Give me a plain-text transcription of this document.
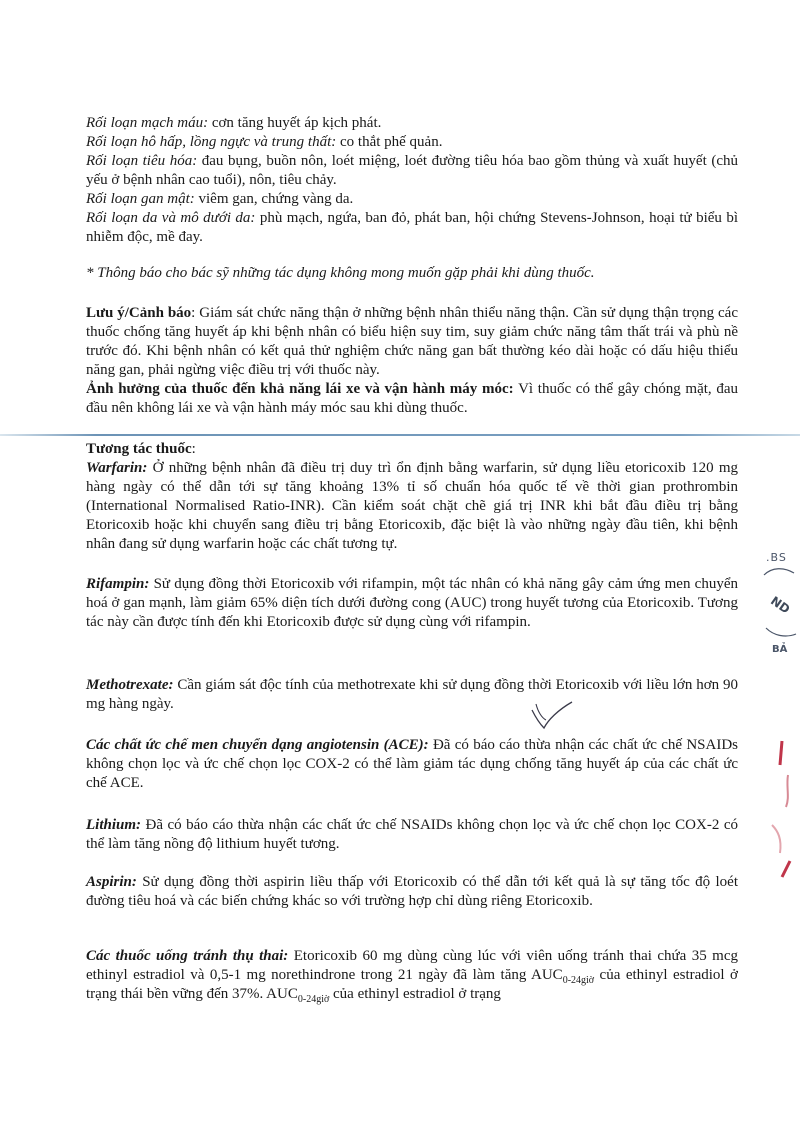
Rối loạn mạch máu: cơn tăng huyết áp kịch phát.

Rối loạn hô hấp, lồng ngực và trung thất: co thắt phế quản.

Rối loạn tiêu hóa: đau bụng, buồn nôn, loét miệng, loét đường tiêu hóa bao gồm thủng và xuất huyết (chủ yếu ở bệnh nhân cao tuổi), nôn, tiêu chảy.

Rối loạn gan mật: viêm gan, chứng vàng da.

Rối loạn da và mô dưới da: phù mạch, ngứa, ban đỏ, phát ban, hội chứng Stevens-Johnson, hoại tử biểu bì nhiễm độc, mề đay.

* Thông báo cho bác sỹ những tác dụng không mong muốn gặp phải khi dùng thuốc.

Lưu ý/Cảnh báo: Giám sát chức năng thận ở những bệnh nhân thiểu năng thận. Cần sử dụng thận trọng các thuốc chống tăng huyết áp khi bệnh nhân có biểu hiện suy tim, suy giảm chức năng tâm thất trái và phù nề trước đó. Khi bệnh nhân có kết quả thử nghiệm chức năng gan bất thường kéo dài hoặc có dấu hiệu thiểu năng gan, phải ngừng việc điều trị với thuốc này.

Ảnh hưởng của thuốc đến khả năng lái xe và vận hành máy móc: Vì thuốc có thể gây chóng mặt, đau đầu nên không lái xe và vận hành máy móc sau khi dùng thuốc.

Tương tác thuốc:

Warfarin: Ở những bệnh nhân đã điều trị duy trì ổn định bằng warfarin, sử dụng liều etoricoxib 120 mg hàng ngày có thể dẫn tới sự tăng khoảng 13% tỉ số chuẩn hóa quốc tế về thời gian prothrombin (International Normalised Ratio-INR). Cần kiểm soát chặt chẽ giá trị INR khi bắt đầu điều trị bằng Etoricoxib hoặc khi chuyển sang điều trị bằng Etoricoxib, đặc biệt là vào những ngày đầu tiên, khi bệnh nhân đang sử dụng warfarin hoặc các chất tương tự.

Rifampin: Sử dụng đồng thời Etoricoxib với rifampin, một tác nhân có khả năng gây cảm ứng men chuyển hoá ở gan mạnh, làm giảm 65% diện tích dưới đường cong (AUC) trong huyết tương của Etoricoxib. Tương tác này cần được tính đến khi Etoricoxib được sử dụng cùng với rifampin.

Methotrexate: Cần giám sát độc tính của methotrexate khi sử dụng đồng thời Etoricoxib với liều lớn hơn 90 mg hàng ngày.

Các chất ức chế men chuyển dạng angiotensin (ACE): Đã có báo cáo thừa nhận các chất ức chế NSAIDs không chọn lọc và ức chế chọn lọc COX-2 có thể làm giảm tác dụng chống tăng huyết áp của các chất ức chế ACE.

Lithium: Đã có báo cáo thừa nhận các chất ức chế NSAIDs không chọn lọc và ức chế chọn lọc COX-2 có thể làm tăng nồng độ lithium huyết tương.

Aspirin: Sử dụng đồng thời aspirin liều thấp với Etoricoxib có thể dẫn tới kết quả là sự tăng tốc độ loét đường tiêu hoá và các biến chứng khác so với trường hợp chỉ dùng riêng Etoricoxib.

Các thuốc uống tránh thụ thai: Etoricoxib 60 mg dùng cùng lúc với viên uống tránh thai chứa 35 mcg ethinyl estradiol và 0,5-1 mg norethindrone trong 21 ngày đã làm tăng $AUC_{0-24giờ}$ của ethinyl estradiol ở trạng thái bền vững đến 37%. $AUC_{0-24giờ}$ của ethinyl estradiol ở trạng

.BS
ND
BẢ
